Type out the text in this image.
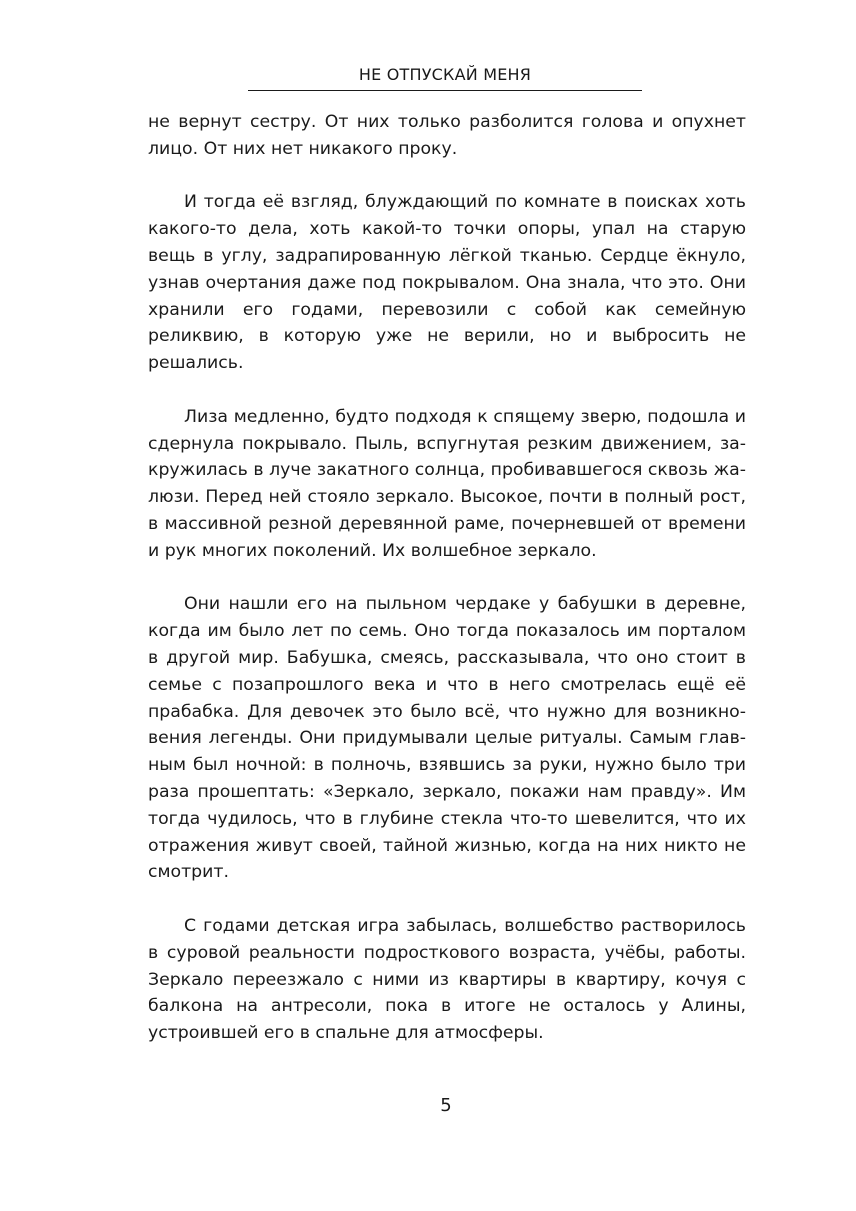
НЕ ОТПУСКАЙ МЕНЯ

не вернут сестру. От них только разболится голова и опухнет лицо. От них нет никакого проку.

И тогда её взгляд, блуждающий по комнате в поисках хоть какого-то дела, хоть какой-то точки опоры, упал на старую вещь в углу, задрапированную лёгкой тканью. Сердце ёкнуло, узнав очертания даже под покрывалом. Она знала, что это. Они хранили его годами, перевозили с собой как семейную реликвию, в которую уже не верили, но и выбросить не решались.

Лиза медленно, будто подходя к спящему зверю, подошла и сдернула покрывало. Пыль, вспугнутая резким движением, закружилась в луче закатного солнца, пробивавшегося сквозь жалюзи. Перед ней стояло зеркало. Высокое, почти в полный рост, в массивной резной деревянной раме, почерневшей от времени и рук многих поколений. Их волшебное зеркало.

Они нашли его на пыльном чердаке у бабушки в деревне, когда им было лет по семь. Оно тогда показалось им порталом в другой мир. Бабушка, смеясь, рассказывала, что оно стоит в семье с позапрошлого века и что в него смотрелась ещё её прабабка. Для девочек это было всё, что нужно для возникновения легенды. Они придумывали целые ритуалы. Самым главным был ночной: в полночь, взявшись за руки, нужно было три раза прошептать: «Зеркало, зеркало, покажи нам правду». Им тогда чудилось, что в глубине стекла что-то шевелится, что их отражения живут своей, тайной жизнью, когда на них никто не смотрит.

С годами детская игра забылась, волшебство растворилось в суровой реальности подросткового возраста, учёбы, работы. Зеркало переезжало с ними из квартиры в квартиру, кочуя с балкона на антресоли, пока в итоге не осталось у Алины, устроившей его в спальне для атмосферы.

5
